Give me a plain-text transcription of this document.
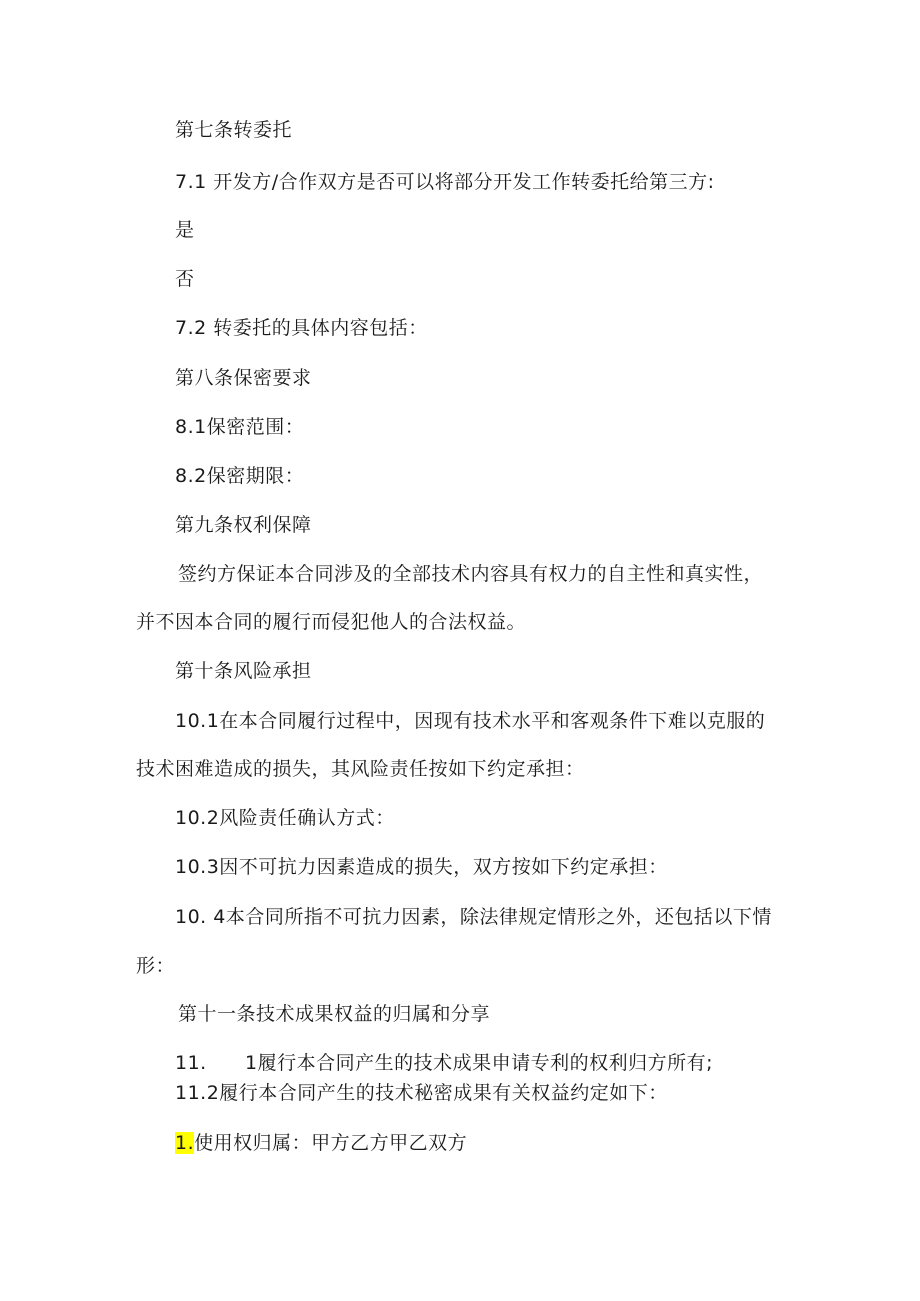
第七条转委托
7.1 开发方/合作双方是否可以将部分开发工作转委托给第三方:
是
否
7.2 转委托的具体内容包括：
第八条保密要求
8.1保密范围：
8.2保密期限：
第九条权利保障
签约方保证本合同涉及的全部技术内容具有权力的自主性和真实性，
并不因本合同的履行而侵犯他人的合法权益。
第十条风险承担
10.1在本合同履行过程中，因现有技术水平和客观条件下难以克服的
技术困难造成的损失，其风险责任按如下约定承担：
10.2风险责任确认方式：
10.3因不可抗力因素造成的损失，双方按如下约定承担：
10. 4本合同所指不可抗力因素，除法律规定情形之外，还包括以下情
形：
第十一条技术成果权益的归属和分享
11. 1履行本合同产生的技术成果申请专利的权利归方所有;
11.2履行本合同产生的技术秘密成果有关权益约定如下：
1.使用权归属：甲方乙方甲乙双方
